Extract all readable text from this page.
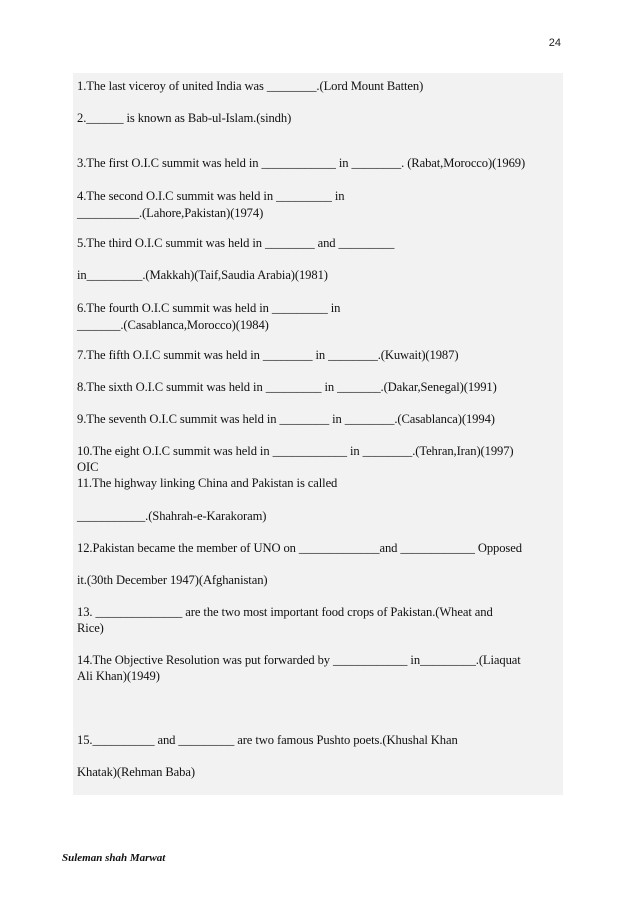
24
1.The last viceroy of united India was ________.(Lord Mount Batten)
2.______ is known as Bab-ul-Islam.(sindh)
3.The first O.I.C summit was held in ____________ in ________. (Rabat,Morocco)(1969)
4.The second O.I.C summit was held in _________ in
__________.(Lahore,Pakistan)(1974)
5.The third O.I.C summit was held in ________ and _________
in_________.(Makkah)(Taif,Saudia Arabia)(1981)
6.The fourth O.I.C summit was held in _________ in
_______.(Casablanca,Morocco)(1984)
7.The fifth O.I.C summit was held in ________ in ________.(Kuwait)(1987)
8.The sixth O.I.C summit was held in _________ in _______.(Dakar,Senegal)(1991)
9.The seventh O.I.C summit was held in ________ in ________.(Casablanca)(1994)
10.The eight O.I.C summit was held in ____________ in ________.(Tehran,Iran)(1997)
OIC
11.The highway linking China and Pakistan is called
___________.(Shahrah-e-Karakoram)
12.Pakistan became the member of UNO on _____________and ____________ Opposed
it.(30th December 1947)(Afghanistan)
13. ______________ are the two most important food crops of Pakistan.(Wheat and
Rice)
14.The Objective Resolution was put forwarded by ____________ in_________.(Liaquat
Ali Khan)(1949)
15.__________ and _________ are two famous Pushto poets.(Khushal Khan
Khatak)(Rehman Baba)
Suleman shah Marwat
